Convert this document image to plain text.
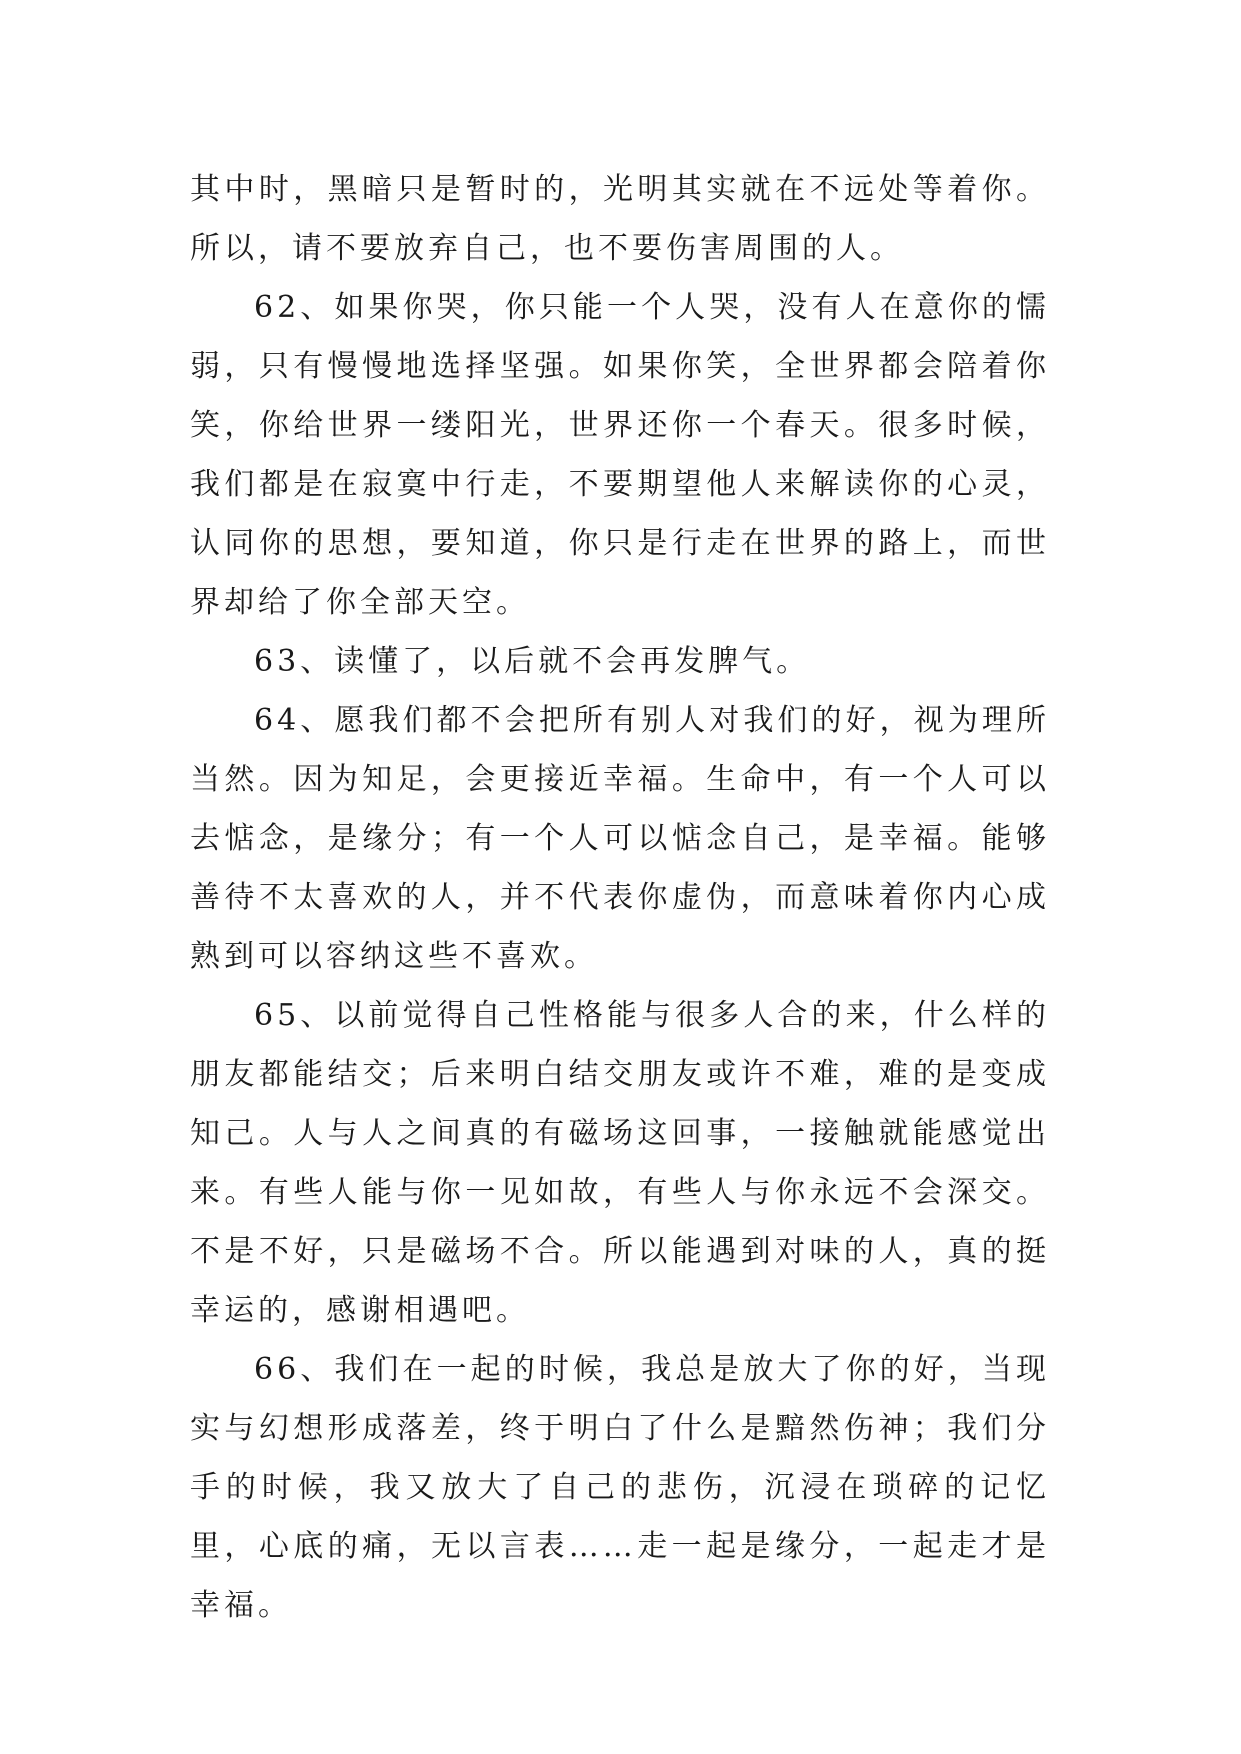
其中时，黑暗只是暂时的，光明其实就在不远处等着你。所以，请不要放弃自己，也不要伤害周围的人。

62、如果你哭，你只能一个人哭，没有人在意你的懦弱，只有慢慢地选择坚强。如果你笑，全世界都会陪着你笑，你给世界一缕阳光，世界还你一个春天。很多时候，我们都是在寂寞中行走，不要期望他人来解读你的心灵，认同你的思想，要知道，你只是行走在世界的路上，而世界却给了你全部天空。

63、读懂了，以后就不会再发脾气。

64、愿我们都不会把所有别人对我们的好，视为理所当然。因为知足，会更接近幸福。生命中，有一个人可以去惦念，是缘分；有一个人可以惦念自己，是幸福。能够善待不太喜欢的人，并不代表你虚伪，而意味着你内心成熟到可以容纳这些不喜欢。

65、以前觉得自己性格能与很多人合的来，什么样的朋友都能结交；后来明白结交朋友或许不难，难的是变成知己。人与人之间真的有磁场这回事，一接触就能感觉出来。有些人能与你一见如故，有些人与你永远不会深交。不是不好，只是磁场不合。所以能遇到对味的人，真的挺幸运的，感谢相遇吧。

66、我们在一起的时候，我总是放大了你的好，当现实与幻想形成落差，终于明白了什么是黯然伤神；我们分手的时候，我又放大了自己的悲伤，沉浸在琐碎的记忆里，心底的痛，无以言表……走一起是缘分，一起走才是幸福。
